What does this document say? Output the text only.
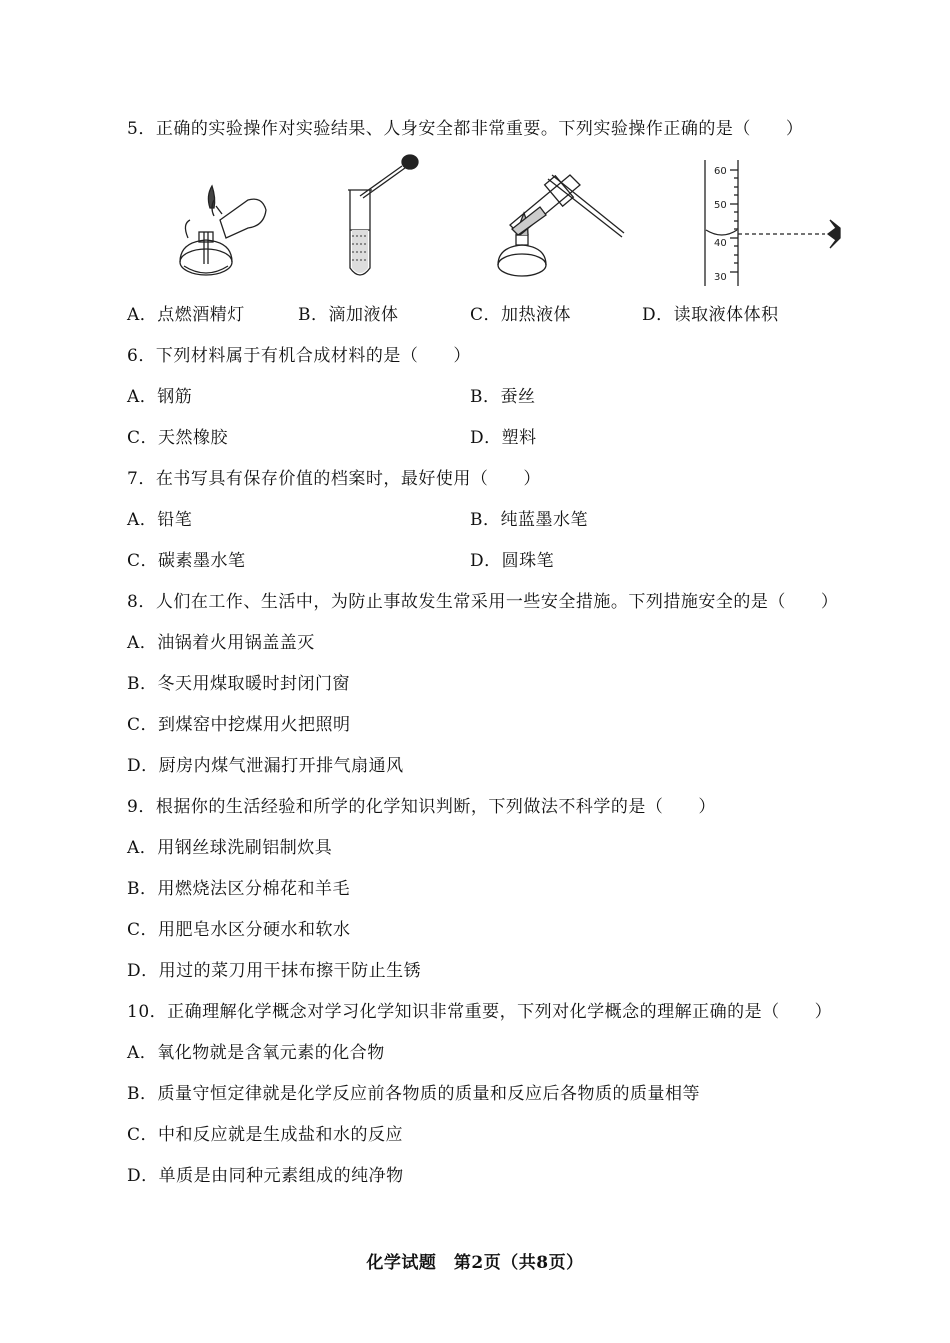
5．正确的实验操作对实验结果、人身安全都非常重要。下列实验操作正确的是（　　）
60
50
40
30
A．点燃酒精灯	B．滴加液体	C．加热液体	D．读取液体体积
6．下列材料属于有机合成材料的是（　　）
A．钢筋	B．蚕丝
C．天然橡胶	D．塑料
7．在书写具有保存价值的档案时，最好使用（　　）
A．铅笔	B．纯蓝墨水笔
C．碳素墨水笔	D．圆珠笔
8．人们在工作、生活中，为防止事故发生常采用一些安全措施。下列措施安全的是（　　）
A．油锅着火用锅盖盖灭
B．冬天用煤取暖时封闭门窗
C．到煤窑中挖煤用火把照明
D．厨房内煤气泄漏打开排气扇通风
9．根据你的生活经验和所学的化学知识判断，下列做法不科学的是（　　）
A．用钢丝球洗刷铝制炊具
B．用燃烧法区分棉花和羊毛
C．用肥皂水区分硬水和软水
D．用过的菜刀用干抹布擦干防止生锈
10．正确理解化学概念对学习化学知识非常重要，下列对化学概念的理解正确的是（　　）
A．氧化物就是含氧元素的化合物
B．质量守恒定律就是化学反应前各物质的质量和反应后各物质的质量相等
C．中和反应就是生成盐和水的反应
D．单质是由同种元素组成的纯净物
化学试题　第2页（共8页）
